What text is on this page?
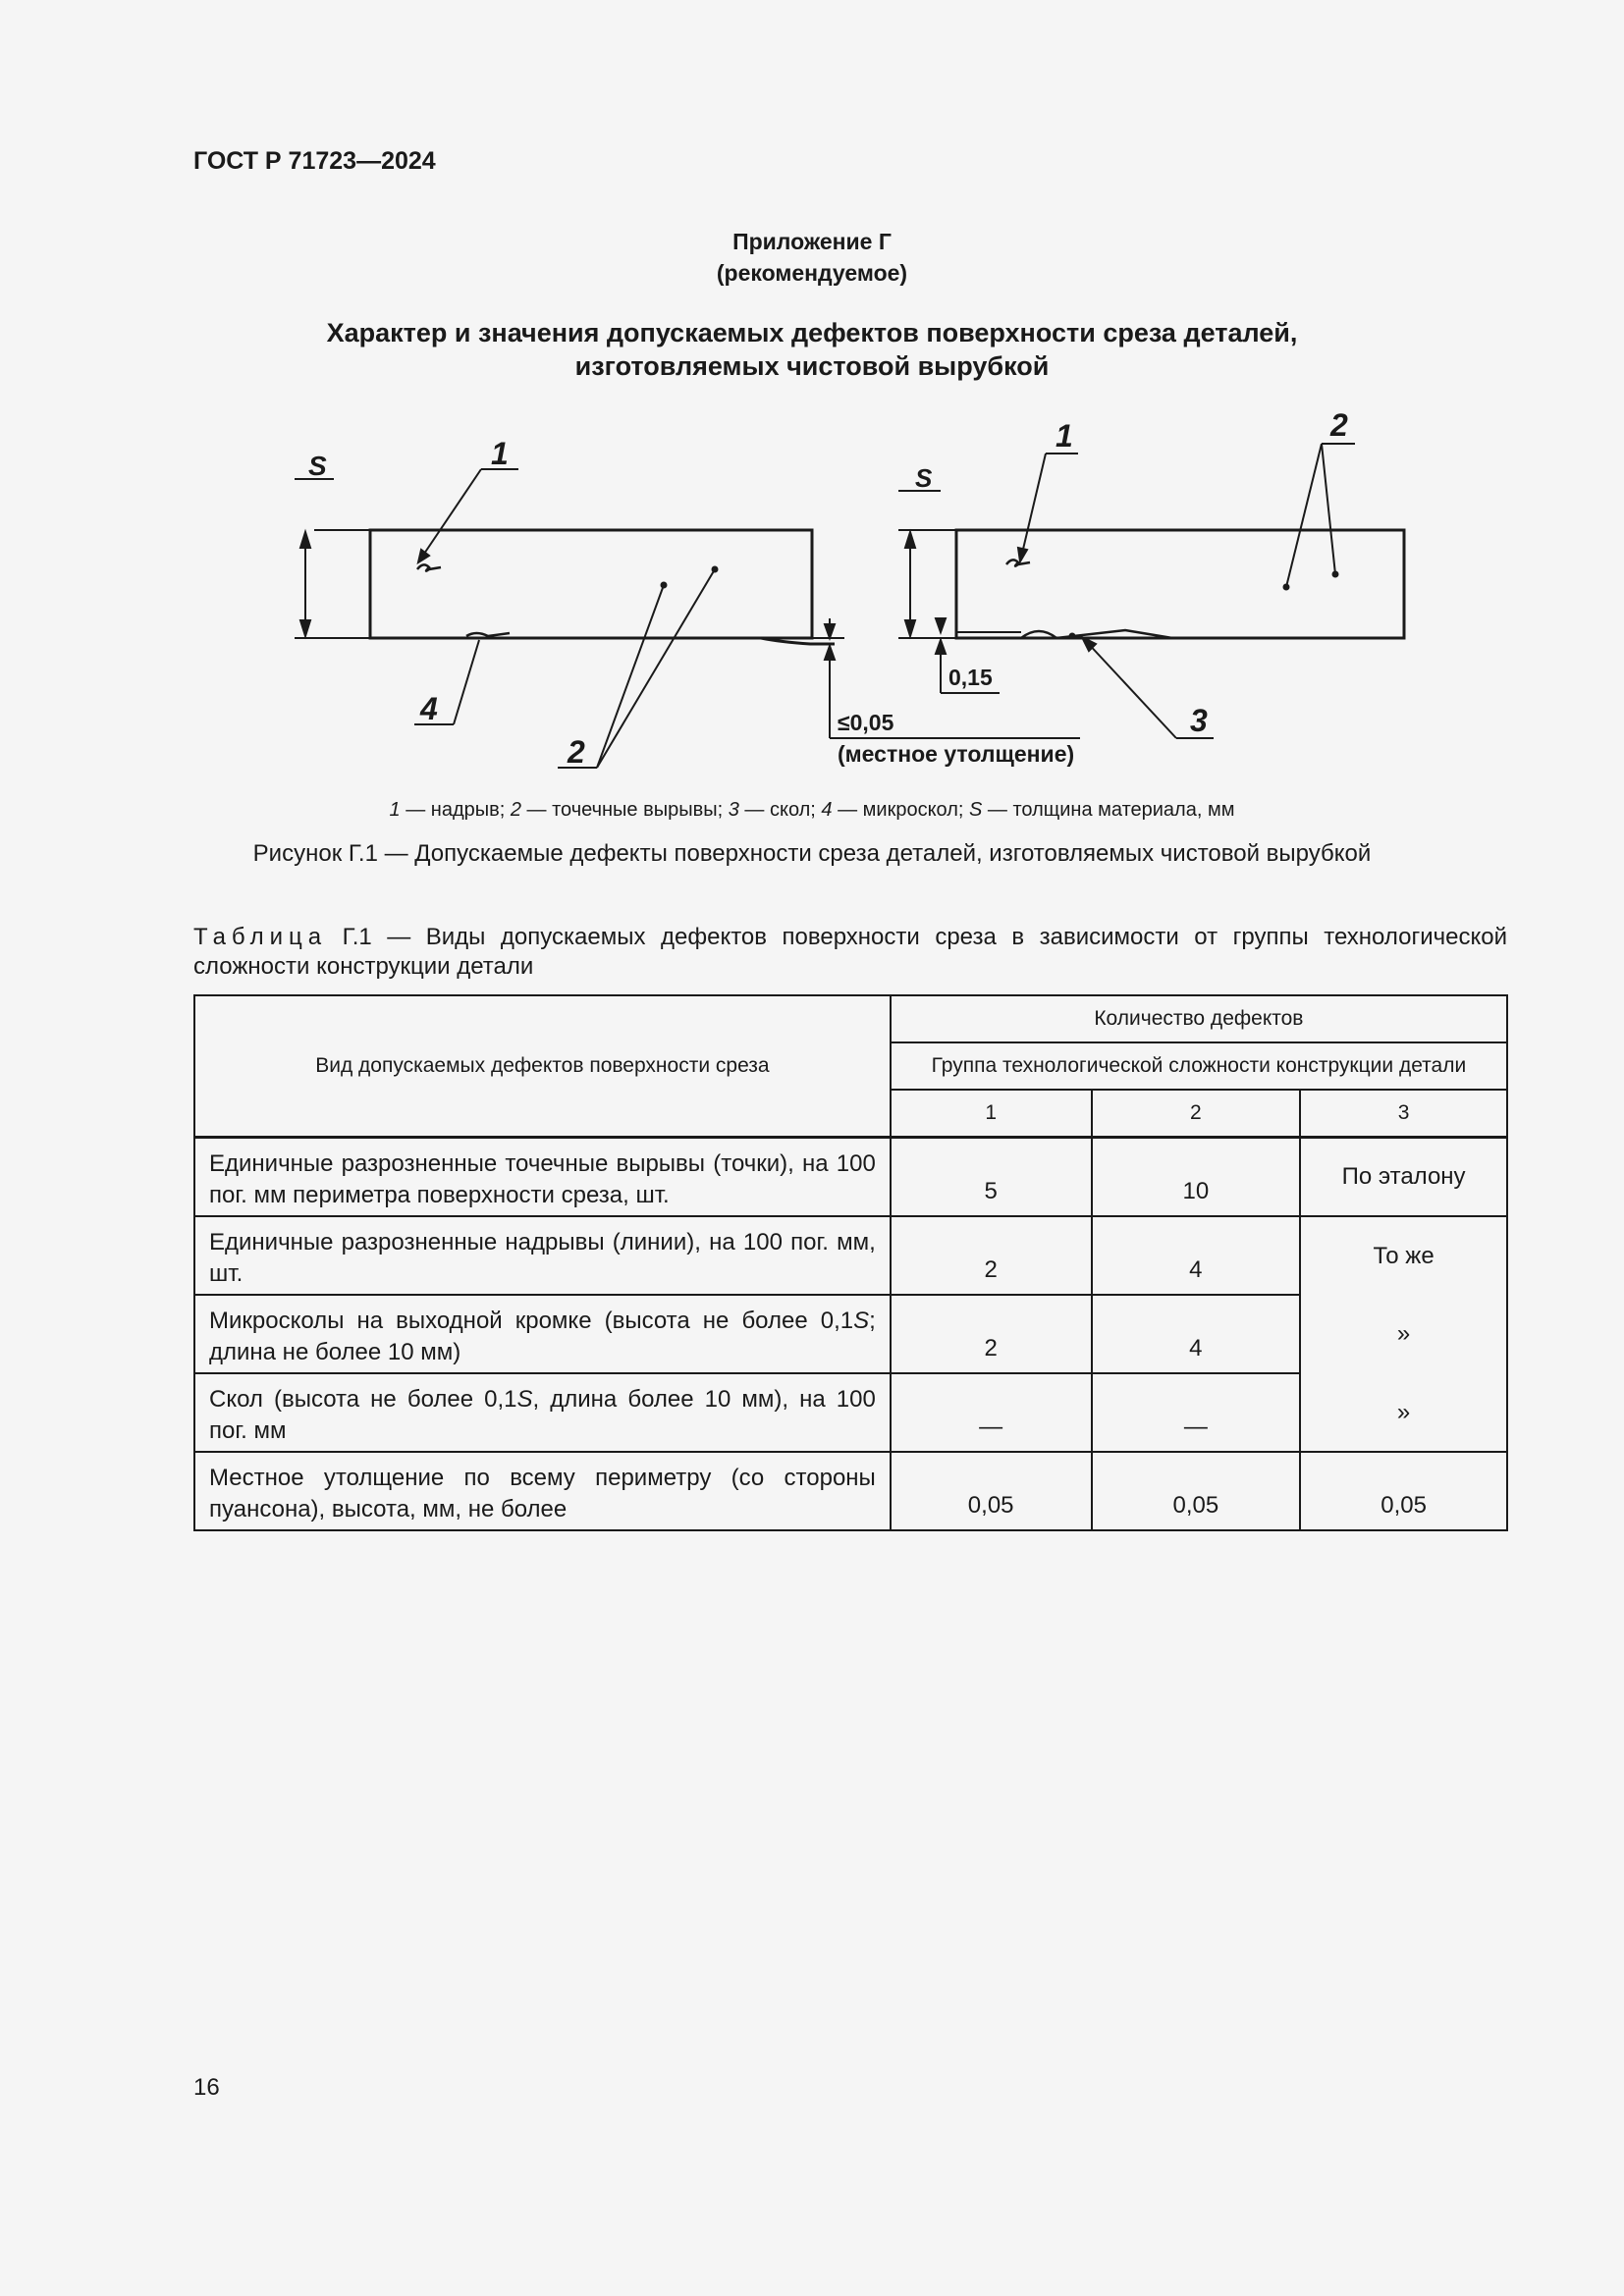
ГОСТ Р 71723—2024
Приложение Г
(рекомендуемое)
Характер и значения допускаемых дефектов поверхности среза деталей,
изготовляемых чистовой вырубкой
S	S
1	1
2
2
3
4
0,15
≤0,05
(местное утолщение)
1 — надрыв; 2 — точечные вырывы; 3 — скол; 4 — микроскол; S — толщина материала, мм
Рисунок Г.1 — Допускаемые дефекты поверхности среза деталей, изготовляемых чистовой вырубкой
Таблица Г.1 — Виды допускаемых дефектов поверхности среза в зависимости от группы технологической сложности конструкции детали
Вид допускаемых дефектов поверхности среза	Количество дефектов		
	Группа технологической сложности конструкции детали		
	1	2	3
Единичные разрозненные точечные вырывы (точки), на 100 пог. мм периметра поверхности среза, шт.	5	10	По эталону
Единичные разрозненные надрывы (линии), на 100 пог. мм, шт.	2	4	То же
Микросколы на выходной кромке (высота не более 0,1S; длина не более 10 мм)	2	4	»
Скол (высота не более 0,1S, длина более 10 мм), на 100 пог. мм	—	—	»
Местное утолщение по всему периметру (со стороны пуансона), высота, мм, не более	0,05	0,05	0,05
16
